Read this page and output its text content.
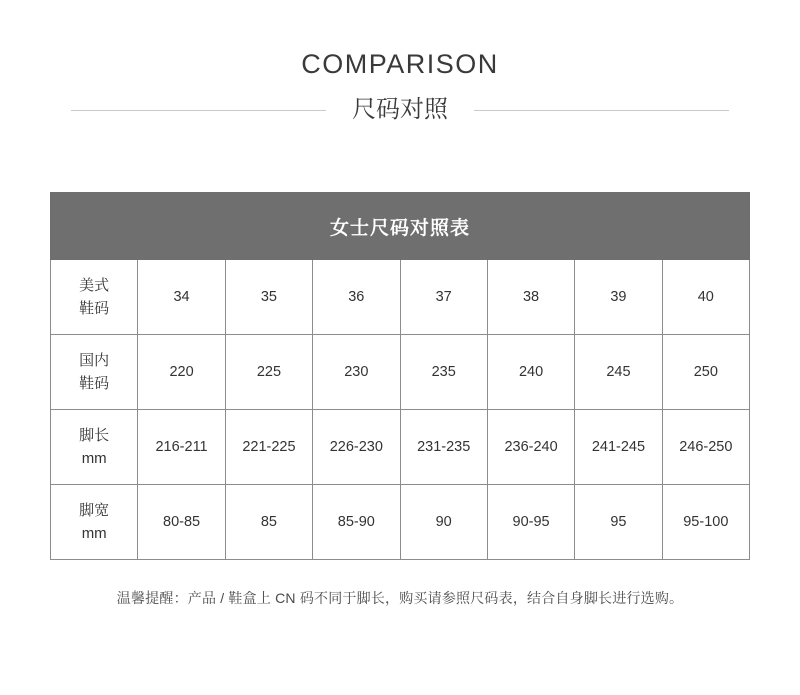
COMPARISON
尺码对照
女士尺码对照表							

美式
鞋码	34	35	36	37	38	39	40

国内
鞋码	220	225	230	235	240	245	250

脚长
mm	216-211	221-225	226-230	231-235	236-240	241-245	246-250

脚宽
mm	80-85	85	85-90	90	90-95	95	95-100
温馨提醒：产品 / 鞋盒上 CN 码不同于脚长，购买请参照尺码表，结合自身脚长进行选购。
